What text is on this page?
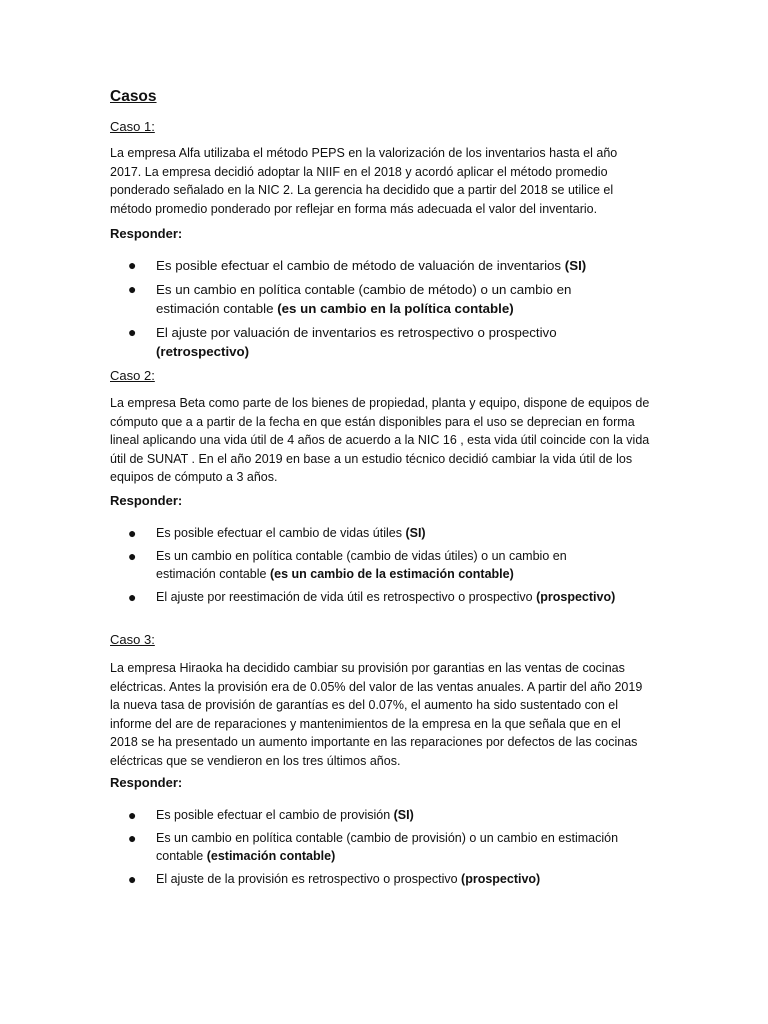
Casos
Caso 1:

La empresa Alfa utilizaba el método PEPS en la valorización de los inventarios hasta el año 2017. La empresa decidió adoptar la NIIF en el 2018 y acordó aplicar el método promedio ponderado señalado en la NIC 2. La gerencia ha decidido que a partir del 2018 se utilice el método promedio ponderado por reflejar en forma más adecuada el valor del inventario.

Responder:
● Es posible efectuar el cambio de método de valuación de inventarios (SI)
● Es un cambio en política contable (cambio de método) o un cambio en estimación contable (es un cambio en la política contable)
● El ajuste por valuación de inventarios es retrospectivo o prospectivo (retrospectivo)
Caso 2:

La empresa Beta como parte de los bienes de propiedad, planta y equipo, dispone de equipos de cómputo que a a partir de la fecha en que están disponibles para el uso se deprecian en forma lineal aplicando una vida útil de 4 años de acuerdo a la NIC 16 , esta vida útil coincide con la vida útil de SUNAT . En el año 2019 en base a un estudio técnico decidió cambiar la vida útil de los equipos de cómputo a 3 años.

Responder:
● Es posible efectuar el cambio de vidas útiles (SI)
● Es un cambio en política contable (cambio de vidas útiles) o un cambio en estimación contable (es un cambio de la estimación contable)
● El ajuste por reestimación de vida útil es retrospectivo o prospectivo (prospectivo)
Caso 3:

La empresa Hiraoka ha decidido cambiar su provisión por garantias en las ventas de cocinas eléctricas. Antes la provisión era de 0.05% del valor de las ventas anuales. A partir del año 2019 la nueva tasa de provisión de garantías es del 0.07%, el aumento ha sido sustentado con el informe del are de reparaciones y mantenimientos de la empresa en la que señala que en el 2018 se ha presentado un aumento importante en las reparaciones por defectos de las cocinas eléctricas que se vendieron en los tres últimos años.

Responder:
● Es posible efectuar el cambio de provisión (SI)
● Es un cambio en política contable (cambio de provisión) o un cambio en estimación contable (estimación contable)
● El ajuste de la provisión es retrospectivo o prospectivo (prospectivo)
